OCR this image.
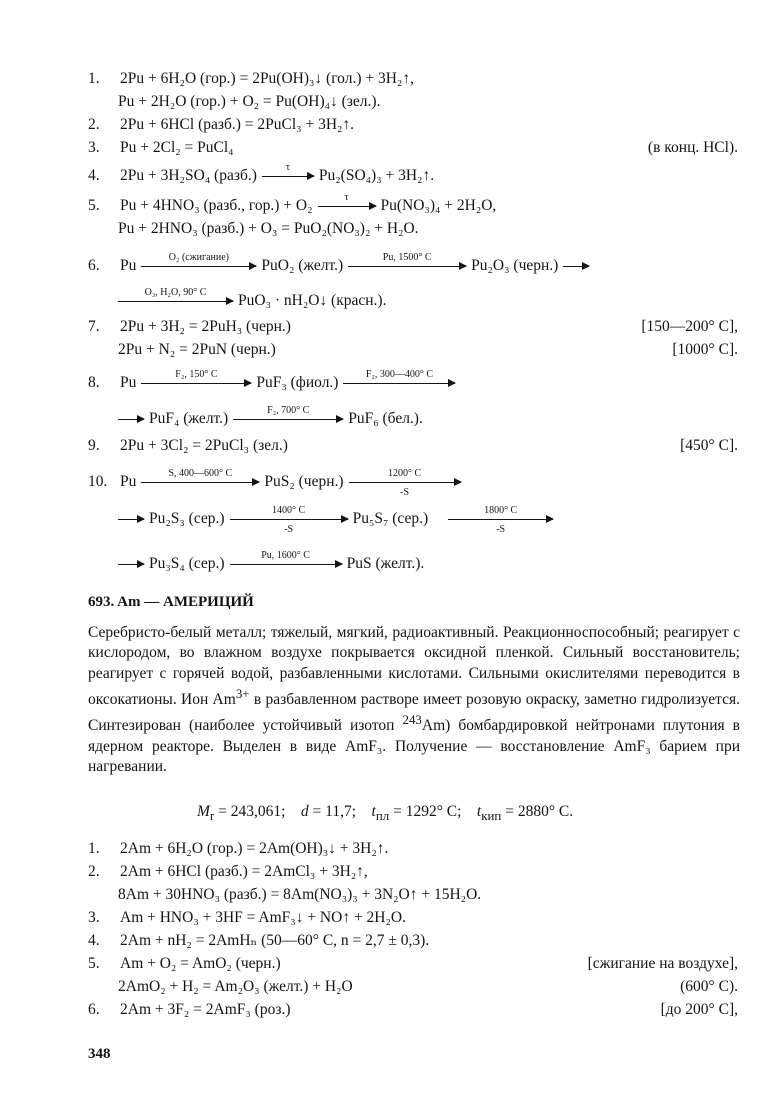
1. 2Pu + 6H₂O (гор.) = 2Pu(OH)₃↓ (гол.) + 3H₂↑,
Pu + 2H₂O (гор.) + O₂ = Pu(OH)₄↓ (зел.).
2. 2Pu + 6HCl (разб.) = 2PuCl₃ + 3H₂↑.
3. Pu + 2Cl₂ = PuCl₄	(в конц. HCl).
4. 2Pu + 3H₂SO₄ (разб.)	τ	Pu₂(SO₄)₃ + 3H₂↑.
5. Pu + 4HNO₃ (разб., гор.) + O₂	τ	Pu(NO₃)₄ + 2H₂O,
Pu + 2HNO₃ (разб.) + O₃ = PuO₂(NO₃)₂ + H₂O.
6. Pu	O₂ (сжигание)	PuO₂ (желт.)	Pu, 1500° C	Pu₂O₃ (черн.) →
O₃, H₂O, 90° C	PuO₃ · nH₂O↓ (красн.).
7. 2Pu + 3H₂ = 2PuH₃ (черн.)	[150—200° C],
2Pu + N₂ = 2PuN (черн.)	[1000° C].
8. Pu	F₂, 150° C	PuF₃ (фиол.)	F₂, 300—400° C
→ PuF₄ (желт.)	F₂, 700° C	PuF₆ (бел.).
9. 2Pu + 3Cl₂ = 2PuCl₃ (зел.)	[450° C].
10. Pu	S, 400—600° C	PuS₂ (черн.) $\frac{1200^\circ C}{-S}$
→ Pu₂S₃ $(сер.) \frac{1400^\circ C}{-S} Pu_5S_7$ $(сер.) \frac{1800^\circ C}{-S}$
→ Pu₃S₄ (сер.)	Pu, 1600° C	PuS (желт.).
693. Am — АМЕРИЦИЙ
Серебристо-белый металл; тяжелый, мягкий, радиоактивный. Реакционноспособный; реагирует с кислородом, во влажном воздухе покрывается оксидной пленкой. Сильный восстановитель; реагирует с горячей водой, разбавленными кислотами. Сильными окислителями переводится в оксокатионы. Ион $Am^{3+}$ в разбавленном растворе имеет розовую окраску, заметно гидролизуется. Синтезирован (наиболее устойчивый изотоп $^{243}$Am) бомбардировкой нейтронами плутония в ядерном реакторе. Выделен в виде AmF₃. Получение — восстановление AmF₃ барием при нагревании.
$M_r = 243,061$; d = 11,7; $t_{пл} = 1292^\circ$ C; $t_{кип} = 2880^\circ$ C.
1. 2Am + 6H₂O (гор.) = 2Am(OH)₃↓ + 3H₂↑.
2. 2Am + 6HCl (разб.) = 2AmCl₃ + 3H₂↑,
8Am + 30HNO₃ (разб.) = 8Am(NO₃)₃ + 3N₂O↑ + 15H₂O.
3. Am + HNO₃ + 3HF = AmF₃↓ + NO↑ + 2H₂O.
4. 2Am + nH₂ = 2AmHₙ (50—60° C, n = 2,7 ± 0,3).
5. Am + O₂ = AmO₂ (черн.)	[сжигание на воздухе],
2AmO₂ + H₂ = Am₂O₃ (желт.) + H₂O	(600° C).
6. 2Am + 3F₂ = 2AmF₃ (роз.)	[до 200° C],
348
